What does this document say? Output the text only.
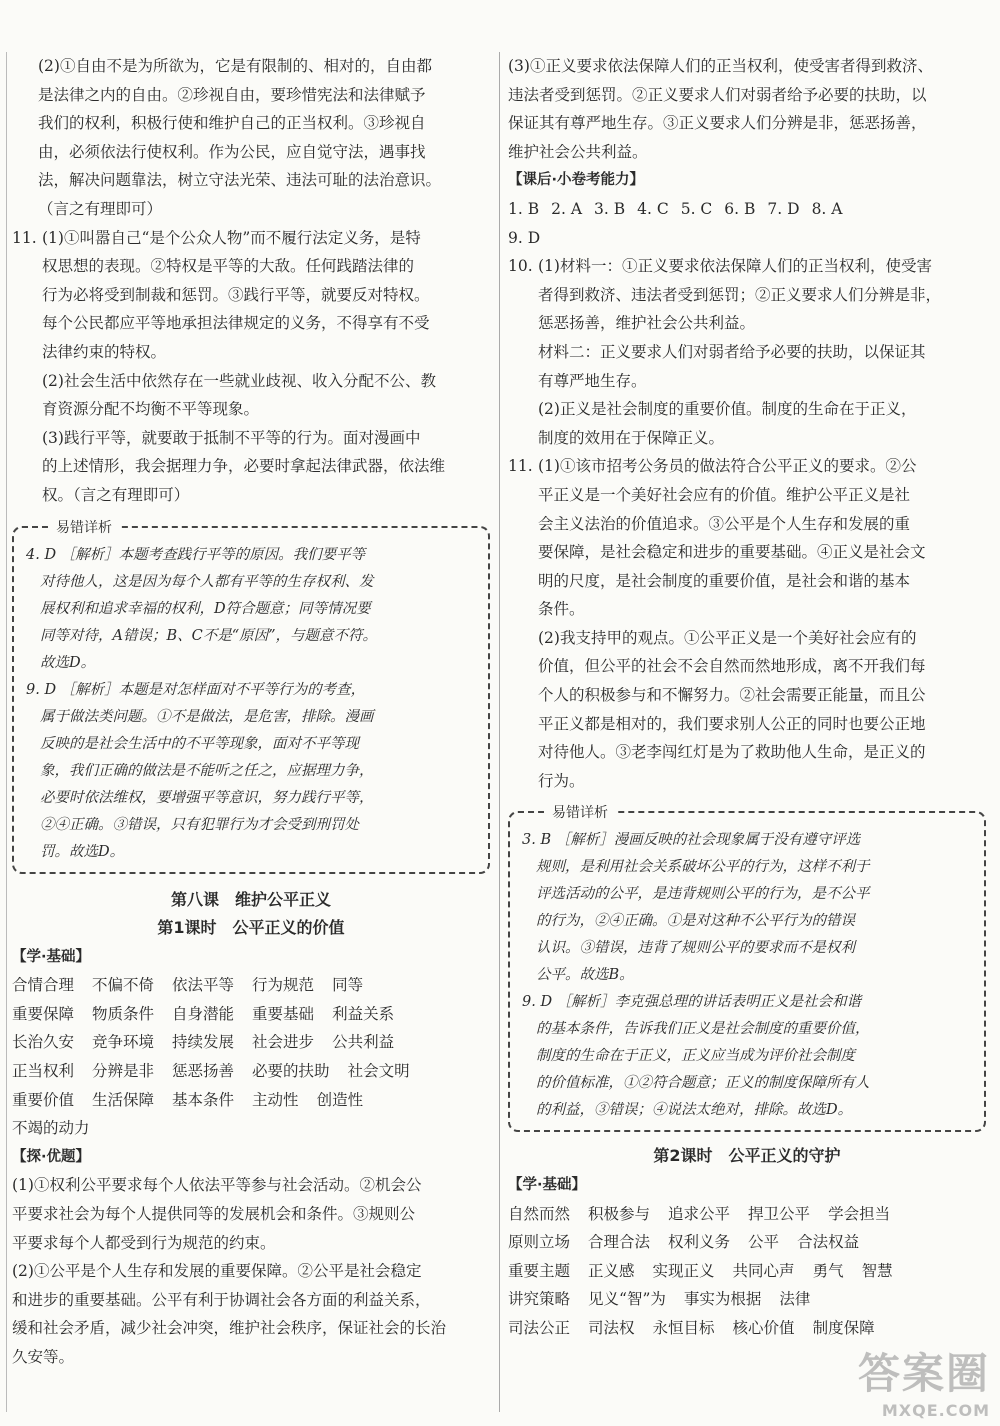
(2)①自由不是为所欲为，它是有限制的、相对的，自由都

是法律之内的自由。②珍视自由，要珍惜宪法和法律赋予

我们的权利，积极行使和维护自己的正当权利。③珍视自

由，必须依法行使权利。作为公民，应自觉守法，遇事找

法，解决问题靠法，树立守法光荣、违法可耻的法治意识。

（言之有理即可）

11. (1)①叫嚣自己“是个公众人物”而不履行法定义务，是特

权思想的表现。②特权是平等的大敌。任何践踏法律的

行为必将受到制裁和惩罚。③践行平等，就要反对特权。

每个公民都应平等地承担法律规定的义务，不得享有不受

法律约束的特权。

(2)社会生活中依然存在一些就业歧视、收入分配不公、教

育资源分配不均衡不平等现象。

(3)践行平等，就要敢于抵制不平等的行为。面对漫画中

的上述情形，我会据理力争，必要时拿起法律武器，依法维

权。（言之有理即可）

易错详析

4. D ［解析］本题考查践行平等的原因。我们要平等

对待他人，这是因为每个人都有平等的生存权利、发

展权利和追求幸福的权利，D符合题意；同等情况要

同等对待，A错误；B、C不是“原因”，与题意不符。

故选D。

9. D ［解析］本题是对怎样面对不平等行为的考查，

属于做法类问题。①不是做法，是危害，排除。漫画

反映的是社会生活中的不平等现象，面对不平等现

象，我们正确的做法是不能听之任之，应据理力争，

必要时依法维权，要增强平等意识，努力践行平等，

②④正确。③错误，只有犯罪行为才会受到刑罚处

罚。故选D。

第八课　维护公平正义

第1课时　公平正义的价值

【学·基础】

合情合理 不偏不倚 依法平等 行为规范 同等

重要保障 物质条件 自身潜能 重要基础 利益关系

长治久安 竞争环境 持续发展 社会进步 公共利益

正当权利 分辨是非 惩恶扬善 必要的扶助 社会文明

重要价值 生活保障 基本条件 主动性 创造性

不竭的动力

【探·优题】

(1)①权利公平要求每个人依法平等参与社会活动。②机会公

平要求社会为每个人提供同等的发展机会和条件。③规则公

平要求每个人都受到行为规范的约束。

(2)①公平是个人生存和发展的重要保障。②公平是社会稳定

和进步的重要基础。公平有利于协调社会各方面的利益关系，

缓和社会矛盾，减少社会冲突，维护社会秩序，保证社会的长治

久安等。

(3)①正义要求依法保障人们的正当权利，使受害者得到救济、

违法者受到惩罚。②正义要求人们对弱者给予必要的扶助，以

保证其有尊严地生存。③正义要求人们分辨是非，惩恶扬善，

维护社会公共利益。

【课后·小卷考能力】

1. B 2. A 3. B 4. C 5. C 6. B 7. D 8. A

9. D

10. (1)材料一：①正义要求依法保障人们的正当权利，使受害

者得到救济、违法者受到惩罚；②正义要求人们分辨是非，

惩恶扬善，维护社会公共利益。

材料二：正义要求人们对弱者给予必要的扶助，以保证其

有尊严地生存。

(2)正义是社会制度的重要价值。制度的生命在于正义，

制度的效用在于保障正义。

11. (1)①该市招考公务员的做法符合公平正义的要求。②公

平正义是一个美好社会应有的价值。维护公平正义是社

会主义法治的价值追求。③公平是个人生存和发展的重

要保障，是社会稳定和进步的重要基础。④正义是社会文

明的尺度，是社会制度的重要价值，是社会和谐的基本

条件。

(2)我支持甲的观点。①公平正义是一个美好社会应有的

价值，但公平的社会不会自然而然地形成，离不开我们每

个人的积极参与和不懈努力。②社会需要正能量，而且公

平正义都是相对的，我们要求别人公正的同时也要公正地

对待他人。③老李闯红灯是为了救助他人生命，是正义的

行为。

易错详析

3. B ［解析］漫画反映的社会现象属于没有遵守评选

规则，是利用社会关系破坏公平的行为，这样不利于

评选活动的公平，是违背规则公平的行为，是不公平

的行为，②④正确。①是对这种不公平行为的错误

认识。③错误，违背了规则公平的要求而不是权利

公平。故选B。

9. D ［解析］李克强总理的讲话表明正义是社会和谐

的基本条件，告诉我们正义是社会制度的重要价值，

制度的生命在于正义，正义应当成为评价社会制度

的价值标准，①②符合题意；正义的制度保障所有人

的利益，③错误；④说法太绝对，排除。故选D。

第2课时　公平正义的守护

【学·基础】

自然而然 积极参与 追求公平 捍卫公平 学会担当

原则立场 合理合法 权利义务 公平 合法权益

重要主题 正义感 实现正义 共同心声 勇气 智慧

讲究策略 见义“智”为 事实为根据 法律

司法公正 司法权 永恒目标 核心价值 制度保障

答案圈
MXQE.COM
